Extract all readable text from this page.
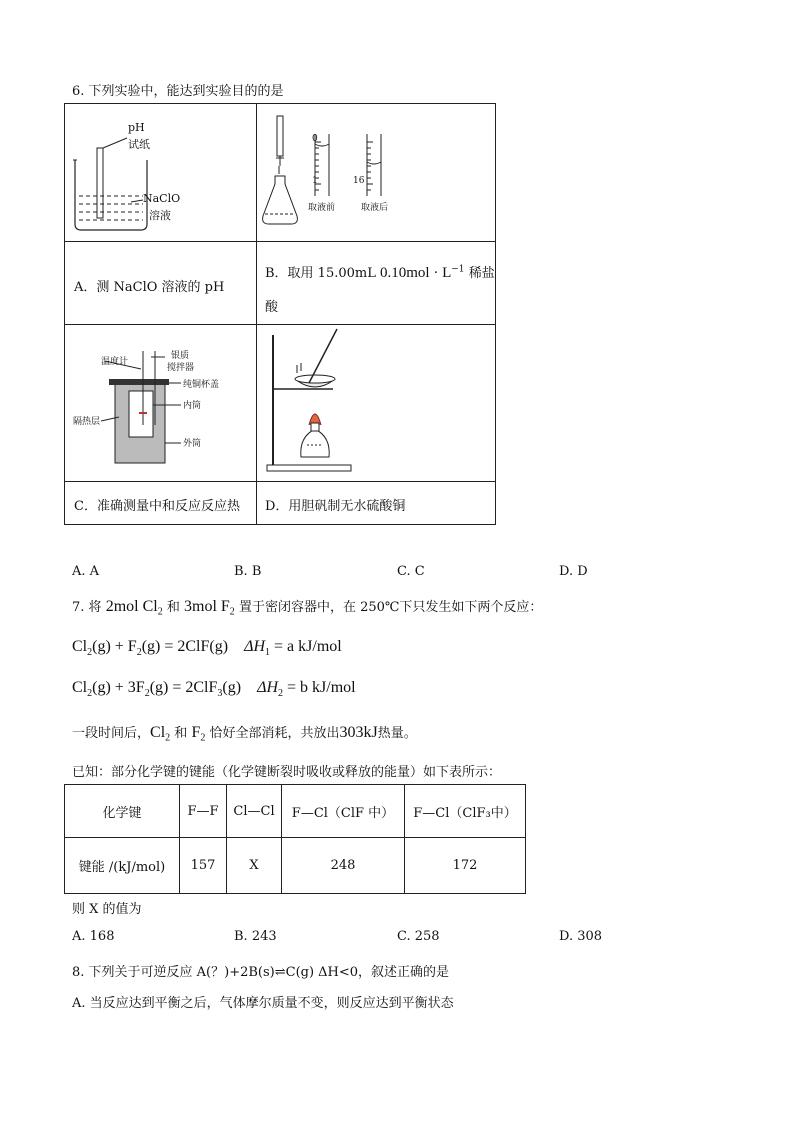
6. 下列实验中，能达到实验目的的是
pH
试纸
NaClO
溶液
0
1	16
取液前	取液后
A．测 NaClO 溶液的 pH
B．取用 15.00mL $0.10mol \cdot L^{-1}$ 稀盐
酸
温度计
银质
搅拌器
纯铜杯盖
内筒
隔热层
外筒
C．准确测量中和反应反应热 D．用胆矾制无水硫酸铜
A. A	B. B	C. C	D. D
7. 将 2mol $Cl_2$ 和 3mol $F_2$ 置于密闭容器中，在 250℃下只发生如下两个反应：
$Cl_2(g) + F_2(g) = 2ClF(g) \Delta H_1 = a$ kJ/mol
$Cl_2(g) + 3F_2(g) = 2ClF_3(g) \Delta H_2 = b$ kJ/mol
一段时间后，$Cl_2$ 和 $F_2$ 恰好全部消耗，共放出303kJ热量。
已知：部分化学键的键能（化学键断裂时吸收或释放的能量）如下表所示：
化学键	F—F	Cl—Cl	F—Cl（ClF 中）	F—Cl（ClF₃中）
键能 /(kJ/mol)	157	X	248	172
则 X 的值为
A. 168	B. 243	C. 258	D. 308
8. 下列关于可逆反应 A(？)+2B(s)⇌C(g) ΔH<0，叙述正确的是
A. 当反应达到平衡之后，气体摩尔质量不变，则反应达到平衡状态
